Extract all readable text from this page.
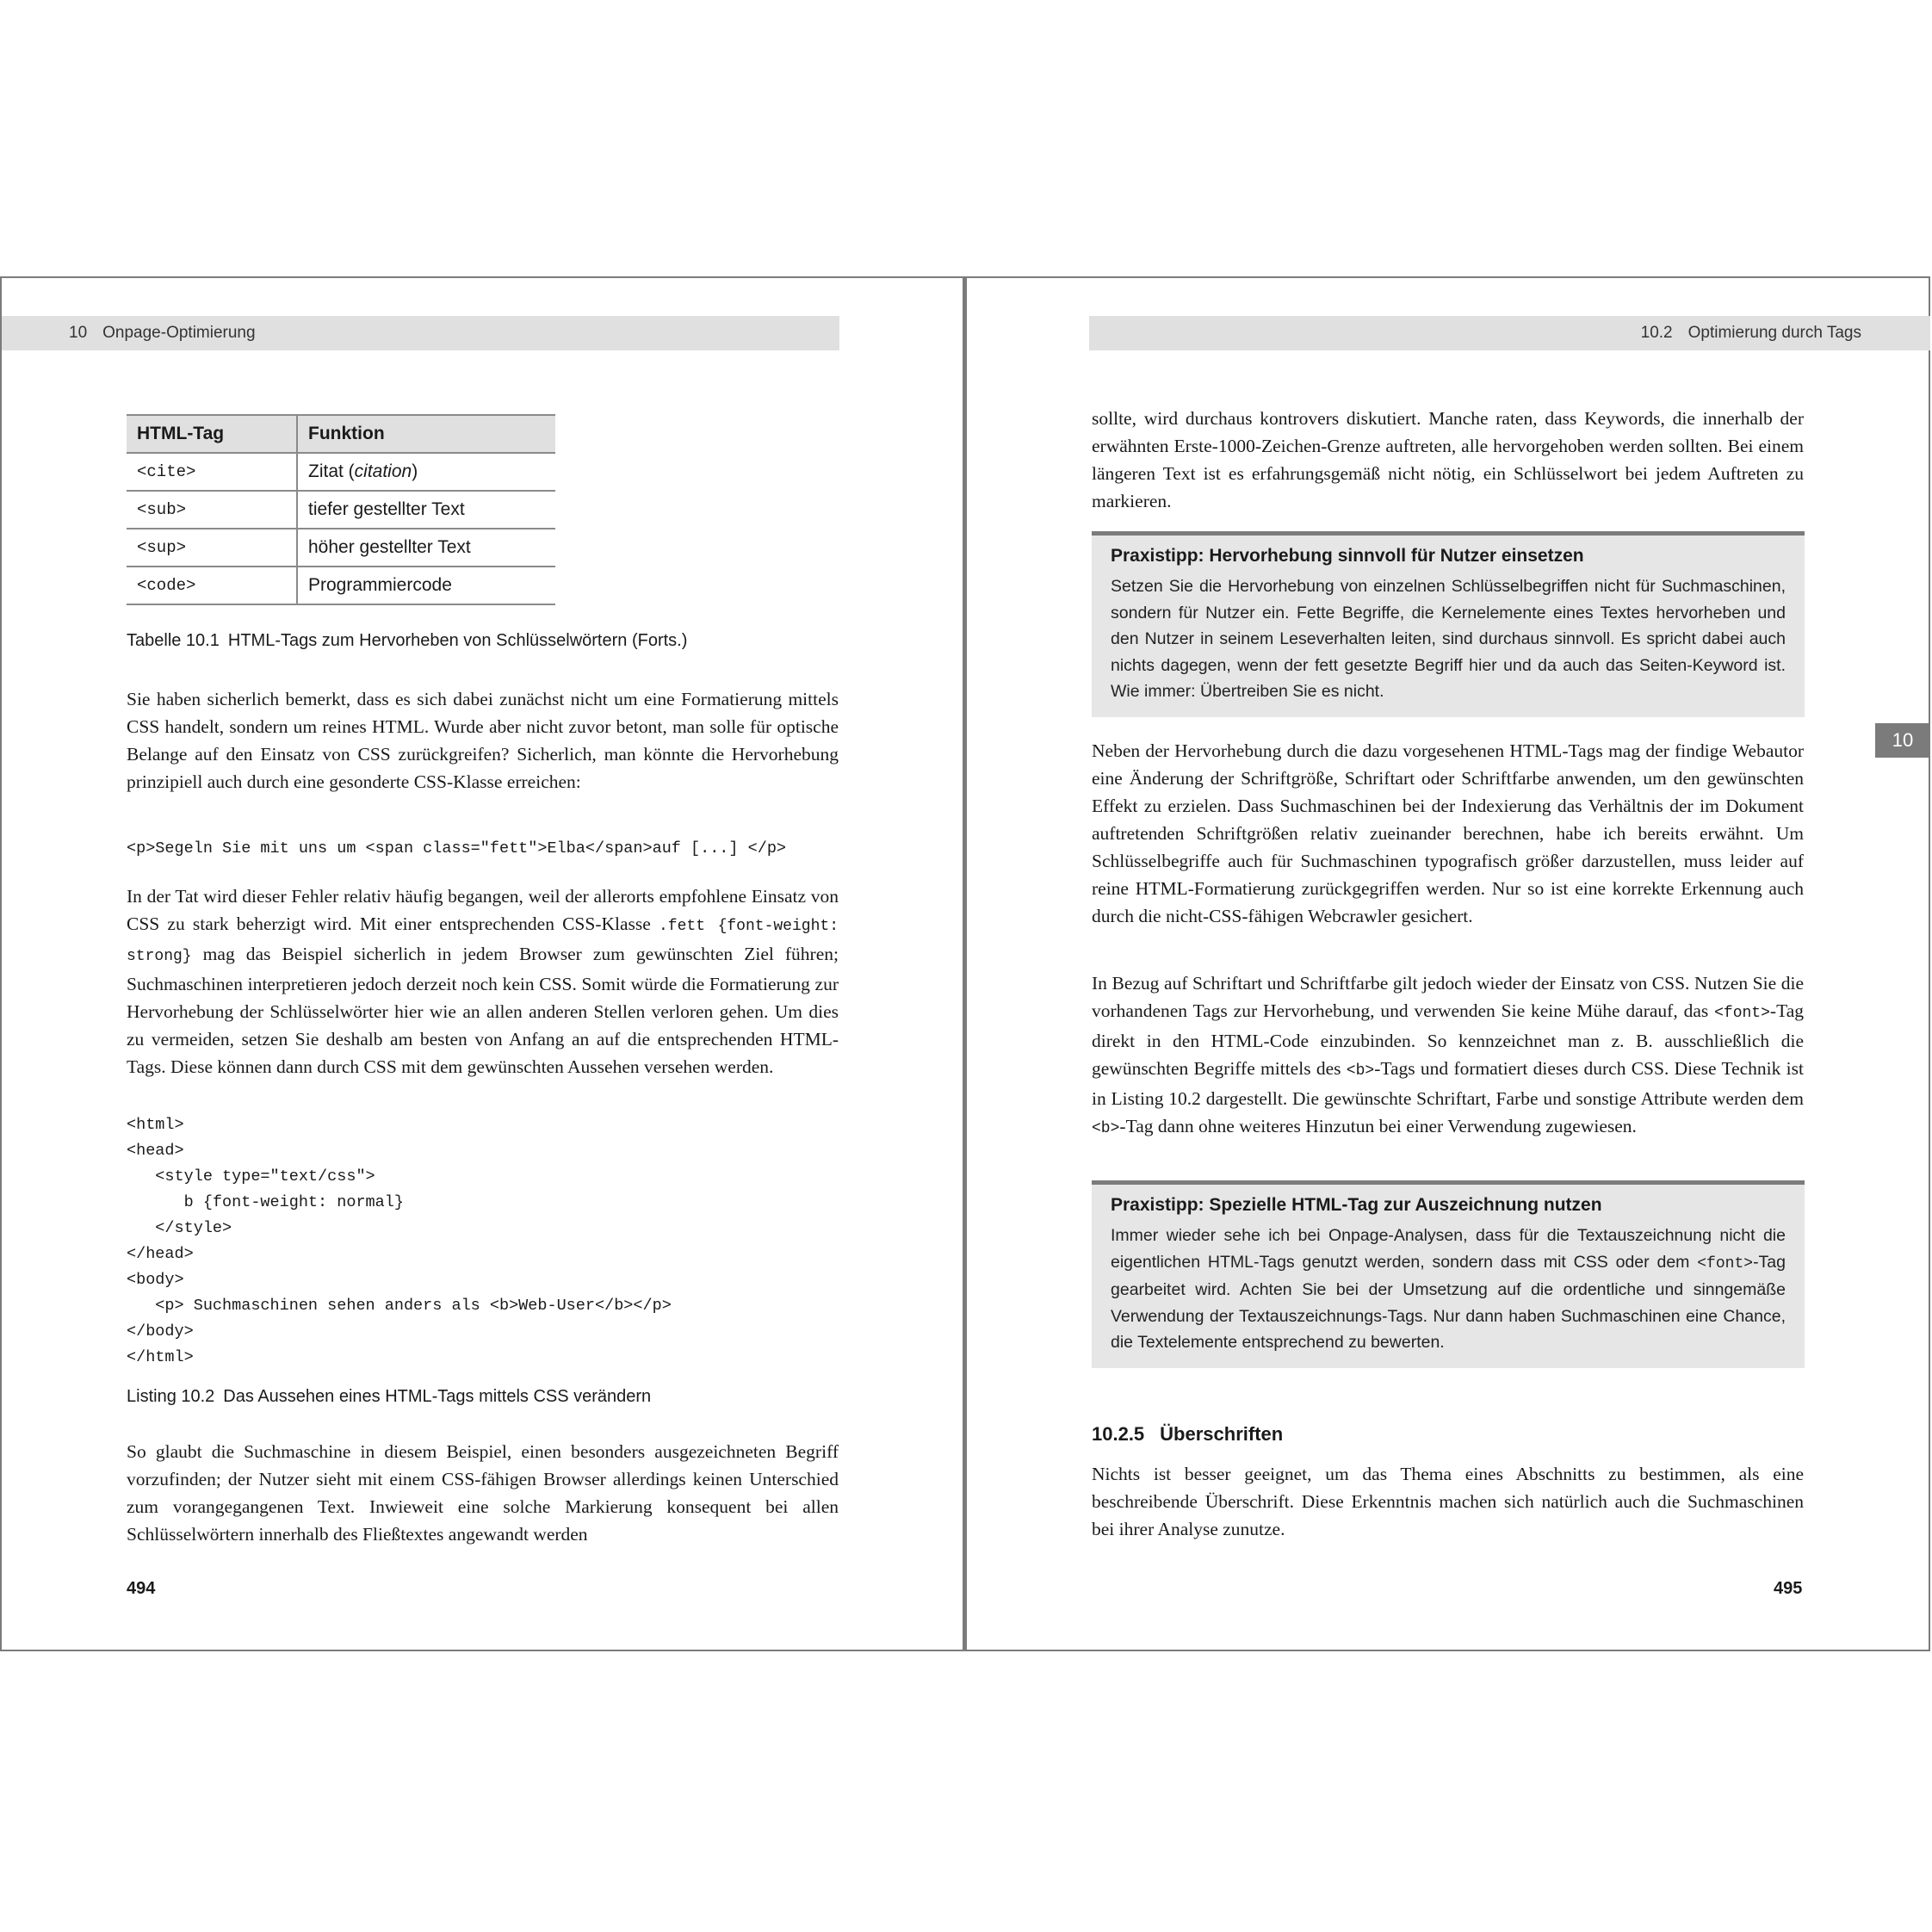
10 Onpage-Optimierung
HTML-Tag	Funktion
<cite>	Zitat (citation)
<sub>	tiefer gestellter Text
<sup>	höher gestellter Text
<code>	Programmiercode
Tabelle 10.1 HTML-Tags zum Hervorheben von Schlüsselwörtern (Forts.)

Sie haben sicherlich bemerkt, dass es sich dabei zunächst nicht um eine Formatierung mittels CSS handelt, sondern um reines HTML. Wurde aber nicht zuvor betont, man solle für optische Belange auf den Einsatz von CSS zurückgreifen? Sicherlich, man könnte die Hervorhebung prinzipiell auch durch eine gesonderte CSS-Klasse erreichen:

<p>Segeln Sie mit uns um <span class="fett">Elba</span>auf [...] </p>

In der Tat wird dieser Fehler relativ häufig begangen, weil der allerorts empfohlene Einsatz von CSS zu stark beherzigt wird. Mit einer entsprechenden CSS-Klasse .fett {font-weight: strong} mag das Beispiel sicherlich in jedem Browser zum gewünschten Ziel führen; Suchmaschinen interpretieren jedoch derzeit noch kein CSS. Somit würde die Formatierung zur Hervorhebung der Schlüsselwörter hier wie an allen anderen Stellen verloren gehen. Um dies zu vermeiden, setzen Sie deshalb am besten von Anfang an auf die entsprechenden HTML-Tags. Diese können dann durch CSS mit dem gewünschten Aussehen versehen werden.

<html>
<head>
<style type="text/css">
b {font-weight: normal}
</style>
</head>
<body>
<p> Suchmaschinen sehen anders als <b>Web-User</b></p>
</body>
</html>
Listing 10.2 Das Aussehen eines HTML-Tags mittels CSS verändern

So glaubt die Suchmaschine in diesem Beispiel, einen besonders ausgezeichneten Begriff vorzufinden; der Nutzer sieht mit einem CSS-fähigen Browser allerdings keinen Unterschied zum vorangegangenen Text. Inwieweit eine solche Markierung konsequent bei allen Schlüsselwörtern innerhalb des Fließtextes angewandt werden

494
10.2 Optimierung durch Tags
10

sollte, wird durchaus kontrovers diskutiert. Manche raten, dass Keywords, die innerhalb der erwähnten Erste-1000-Zeichen-Grenze auftreten, alle hervorgehoben werden sollten. Bei einem längeren Text ist es erfahrungsgemäß nicht nötig, ein Schlüsselwort bei jedem Auftreten zu markieren.

Praxistipp: Hervorhebung sinnvoll für Nutzer einsetzen

Setzen Sie die Hervorhebung von einzelnen Schlüsselbegriffen nicht für Suchmaschinen, sondern für Nutzer ein. Fette Begriffe, die Kernelemente eines Textes hervorheben und den Nutzer in seinem Leseverhalten leiten, sind durchaus sinnvoll. Es spricht dabei auch nichts dagegen, wenn der fett gesetzte Begriff hier und da auch das Seiten-Keyword ist. Wie immer: Übertreiben Sie es nicht.

Neben der Hervorhebung durch die dazu vorgesehenen HTML-Tags mag der findige Webautor eine Änderung der Schriftgröße, Schriftart oder Schriftfarbe anwenden, um den gewünschten Effekt zu erzielen. Dass Suchmaschinen bei der Indexierung das Verhältnis der im Dokument auftretenden Schriftgrößen relativ zueinander berechnen, habe ich bereits erwähnt. Um Schlüsselbegriffe auch für Suchmaschinen typografisch größer darzustellen, muss leider auf reine HTML-Formatierung zurückgegriffen werden. Nur so ist eine korrekte Erkennung auch durch die nicht-CSS-fähigen Webcrawler gesichert.

In Bezug auf Schriftart und Schriftfarbe gilt jedoch wieder der Einsatz von CSS. Nutzen Sie die vorhandenen Tags zur Hervorhebung, und verwenden Sie keine Mühe darauf, das <font>-Tag direkt in den HTML-Code einzubinden. So kennzeichnet man z. B. ausschließlich die gewünschten Begriffe mittels des <b>-Tags und formatiert dieses durch CSS. Diese Technik ist in Listing 10.2 dargestellt. Die gewünschte Schriftart, Farbe und sonstige Attribute werden dem <b>-Tag dann ohne weiteres Hinzutun bei einer Verwendung zugewiesen.

Praxistipp: Spezielle HTML-Tag zur Auszeichnung nutzen

Immer wieder sehe ich bei Onpage-Analysen, dass für die Textauszeichnung nicht die eigentlichen HTML-Tags genutzt werden, sondern dass mit CSS oder dem <font>-Tag gearbeitet wird. Achten Sie bei der Umsetzung auf die ordentliche und sinngemäße Verwendung der Textauszeichnungs-Tags. Nur dann haben Suchmaschinen eine Chance, die Textelemente entsprechend zu bewerten.

10.2.5 Überschriften

Nichts ist besser geeignet, um das Thema eines Abschnitts zu bestimmen, als eine beschreibende Überschrift. Diese Erkenntnis machen sich natürlich auch die Suchmaschinen bei ihrer Analyse zunutze.

495
